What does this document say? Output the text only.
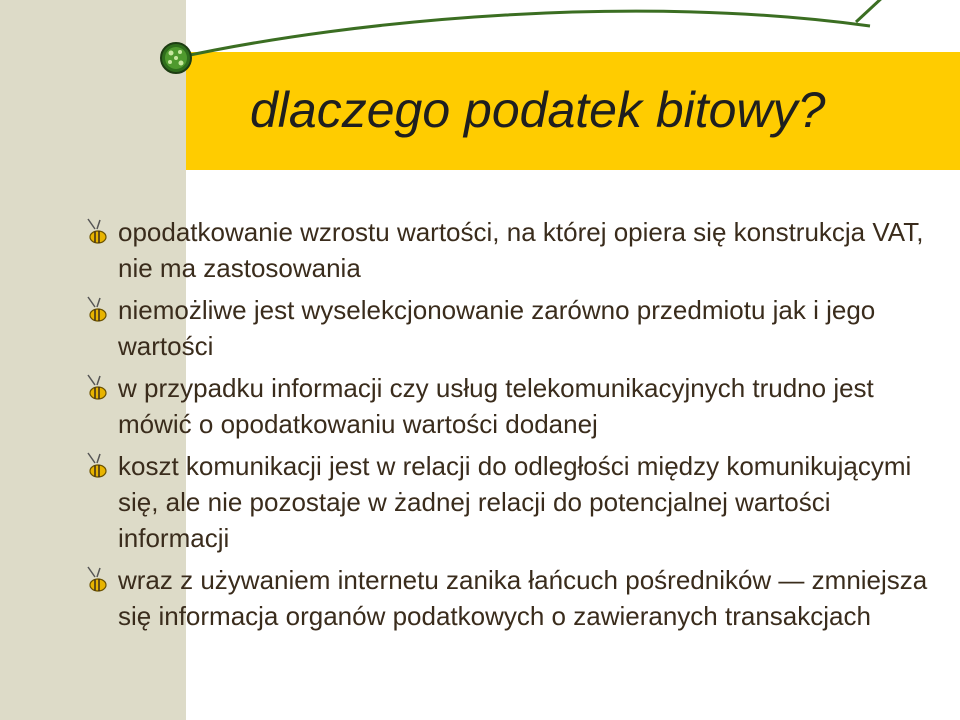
dlaczego podatek bitowy?
opodatkowanie wzrostu wartości, na której opiera się konstrukcja VAT, nie ma zastosowania
niemożliwe jest wyselekcjonowanie zarówno przedmiotu jak i jego wartości
w przypadku informacji czy usług telekomunikacyjnych trudno jest mówić o opodatkowaniu wartości dodanej
koszt komunikacji jest w relacji do odległości między komunikującymi się, ale nie pozostaje w żadnej relacji do potencjalnej wartości informacji
wraz z używaniem internetu zanika łańcuch pośredników — zmniejsza się informacja organów podatkowych o zawieranych transakcjach
